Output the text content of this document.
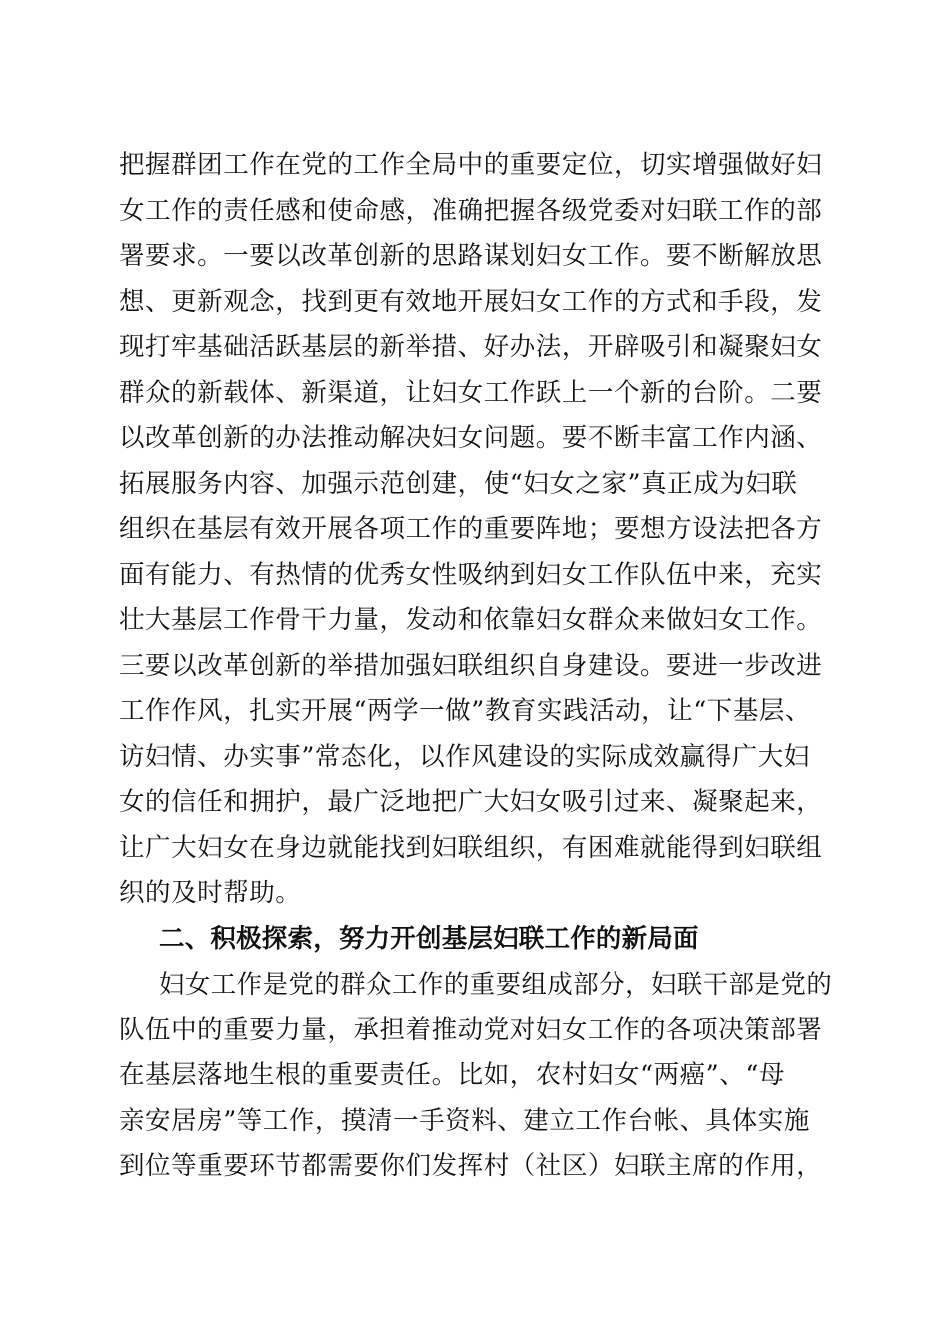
把握群团工作在党的工作全局中的重要定位，切实增强做好妇
女工作的责任感和使命感，准确把握各级党委对妇联工作的部
署要求。一要以改革创新的思路谋划妇女工作。要不断解放思
想、更新观念，找到更有效地开展妇女工作的方式和手段，发
现打牢基础活跃基层的新举措、好办法，开辟吸引和凝聚妇女
群众的新载体、新渠道，让妇女工作跃上一个新的台阶。二要
以改革创新的办法推动解决妇女问题。要不断丰富工作内涵、
拓展服务内容、加强示范创建，使“妇女之家”真正成为妇联
组织在基层有效开展各项工作的重要阵地；要想方设法把各方
面有能力、有热情的优秀女性吸纳到妇女工作队伍中来，充实
壮大基层工作骨干力量，发动和依靠妇女群众来做妇女工作。
三要以改革创新的举措加强妇联组织自身建设。要进一步改进
工作作风，扎实开展“两学一做”教育实践活动，让“下基层、
访妇情、办实事”常态化，以作风建设的实际成效赢得广大妇
女的信任和拥护，最广泛地把广大妇女吸引过来、凝聚起来，
让广大妇女在身边就能找到妇联组织，有困难就能得到妇联组
织的及时帮助。
二、积极探索，努力开创基层妇联工作的新局面
妇女工作是党的群众工作的重要组成部分，妇联干部是党的
队伍中的重要力量，承担着推动党对妇女工作的各项决策部署
在基层落地生根的重要责任。比如，农村妇女“两癌”、“母
亲安居房”等工作，摸清一手资料、建立工作台帐、具体实施
到位等重要环节都需要你们发挥村（社区）妇联主席的作用，
